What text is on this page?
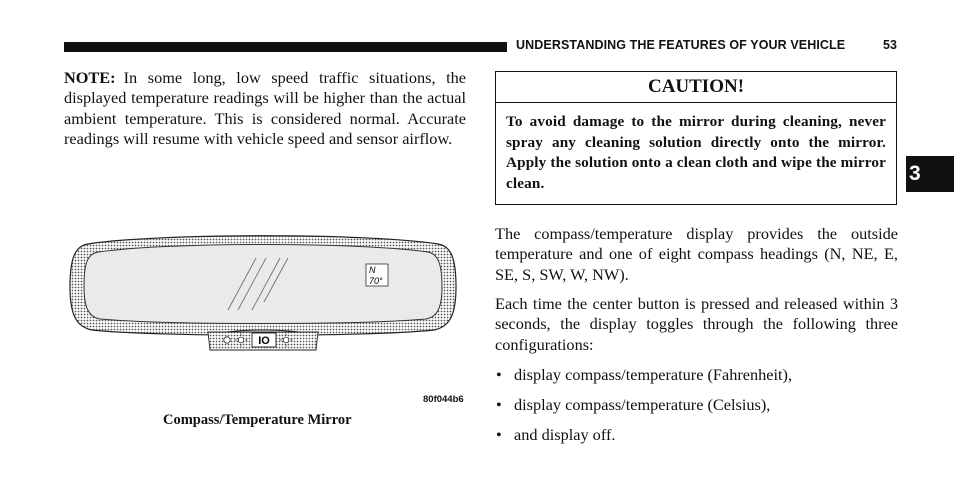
UNDERSTANDING THE FEATURES OF YOUR VEHICLE	53
3
NOTE: In some long, low speed traffic situations, the displayed temperature readings will be higher than the actual ambient temperature. This is considered normal. Accurate readings will resume with vehicle speed and sensor airflow.
IO
N
70°
80f044b6
Compass/Temperature Mirror
CAUTION!
To avoid damage to the mirror during cleaning, never spray any cleaning solution directly onto the mirror. Apply the solution onto a clean cloth and wipe the mirror clean.
The compass/temperature display provides the outside temperature and one of eight compass headings (N, NE, E, SE, S, SW, W, NW).
Each time the center button is pressed and released within 3 seconds, the display toggles through the following three configurations:
• display compass/temperature (Fahrenheit),
• display compass/temperature (Celsius),
• and display off.
